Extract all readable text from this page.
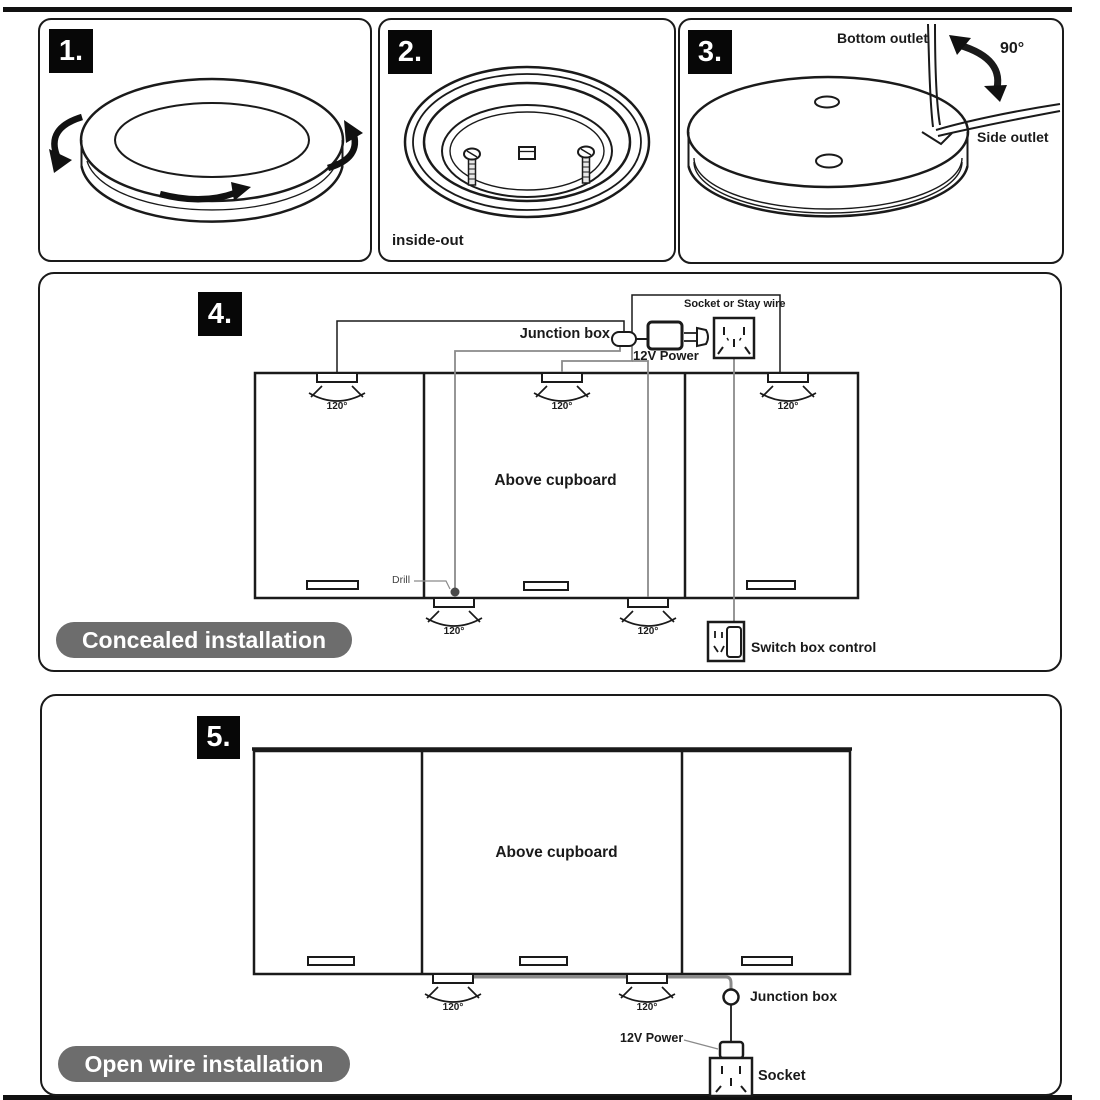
1.	2.	3.
4.
5.
inside-out
Bottom outlet
90°
Side outlet
Junction box
12V Power
Socket or Stay wire
Above cupboard
Drill
Switch box control
120°	120°	120°
120°	120°
Concealed installation
Above cupboard
Junction box
12V Power
Socket
120°	120°
Open wire installation
